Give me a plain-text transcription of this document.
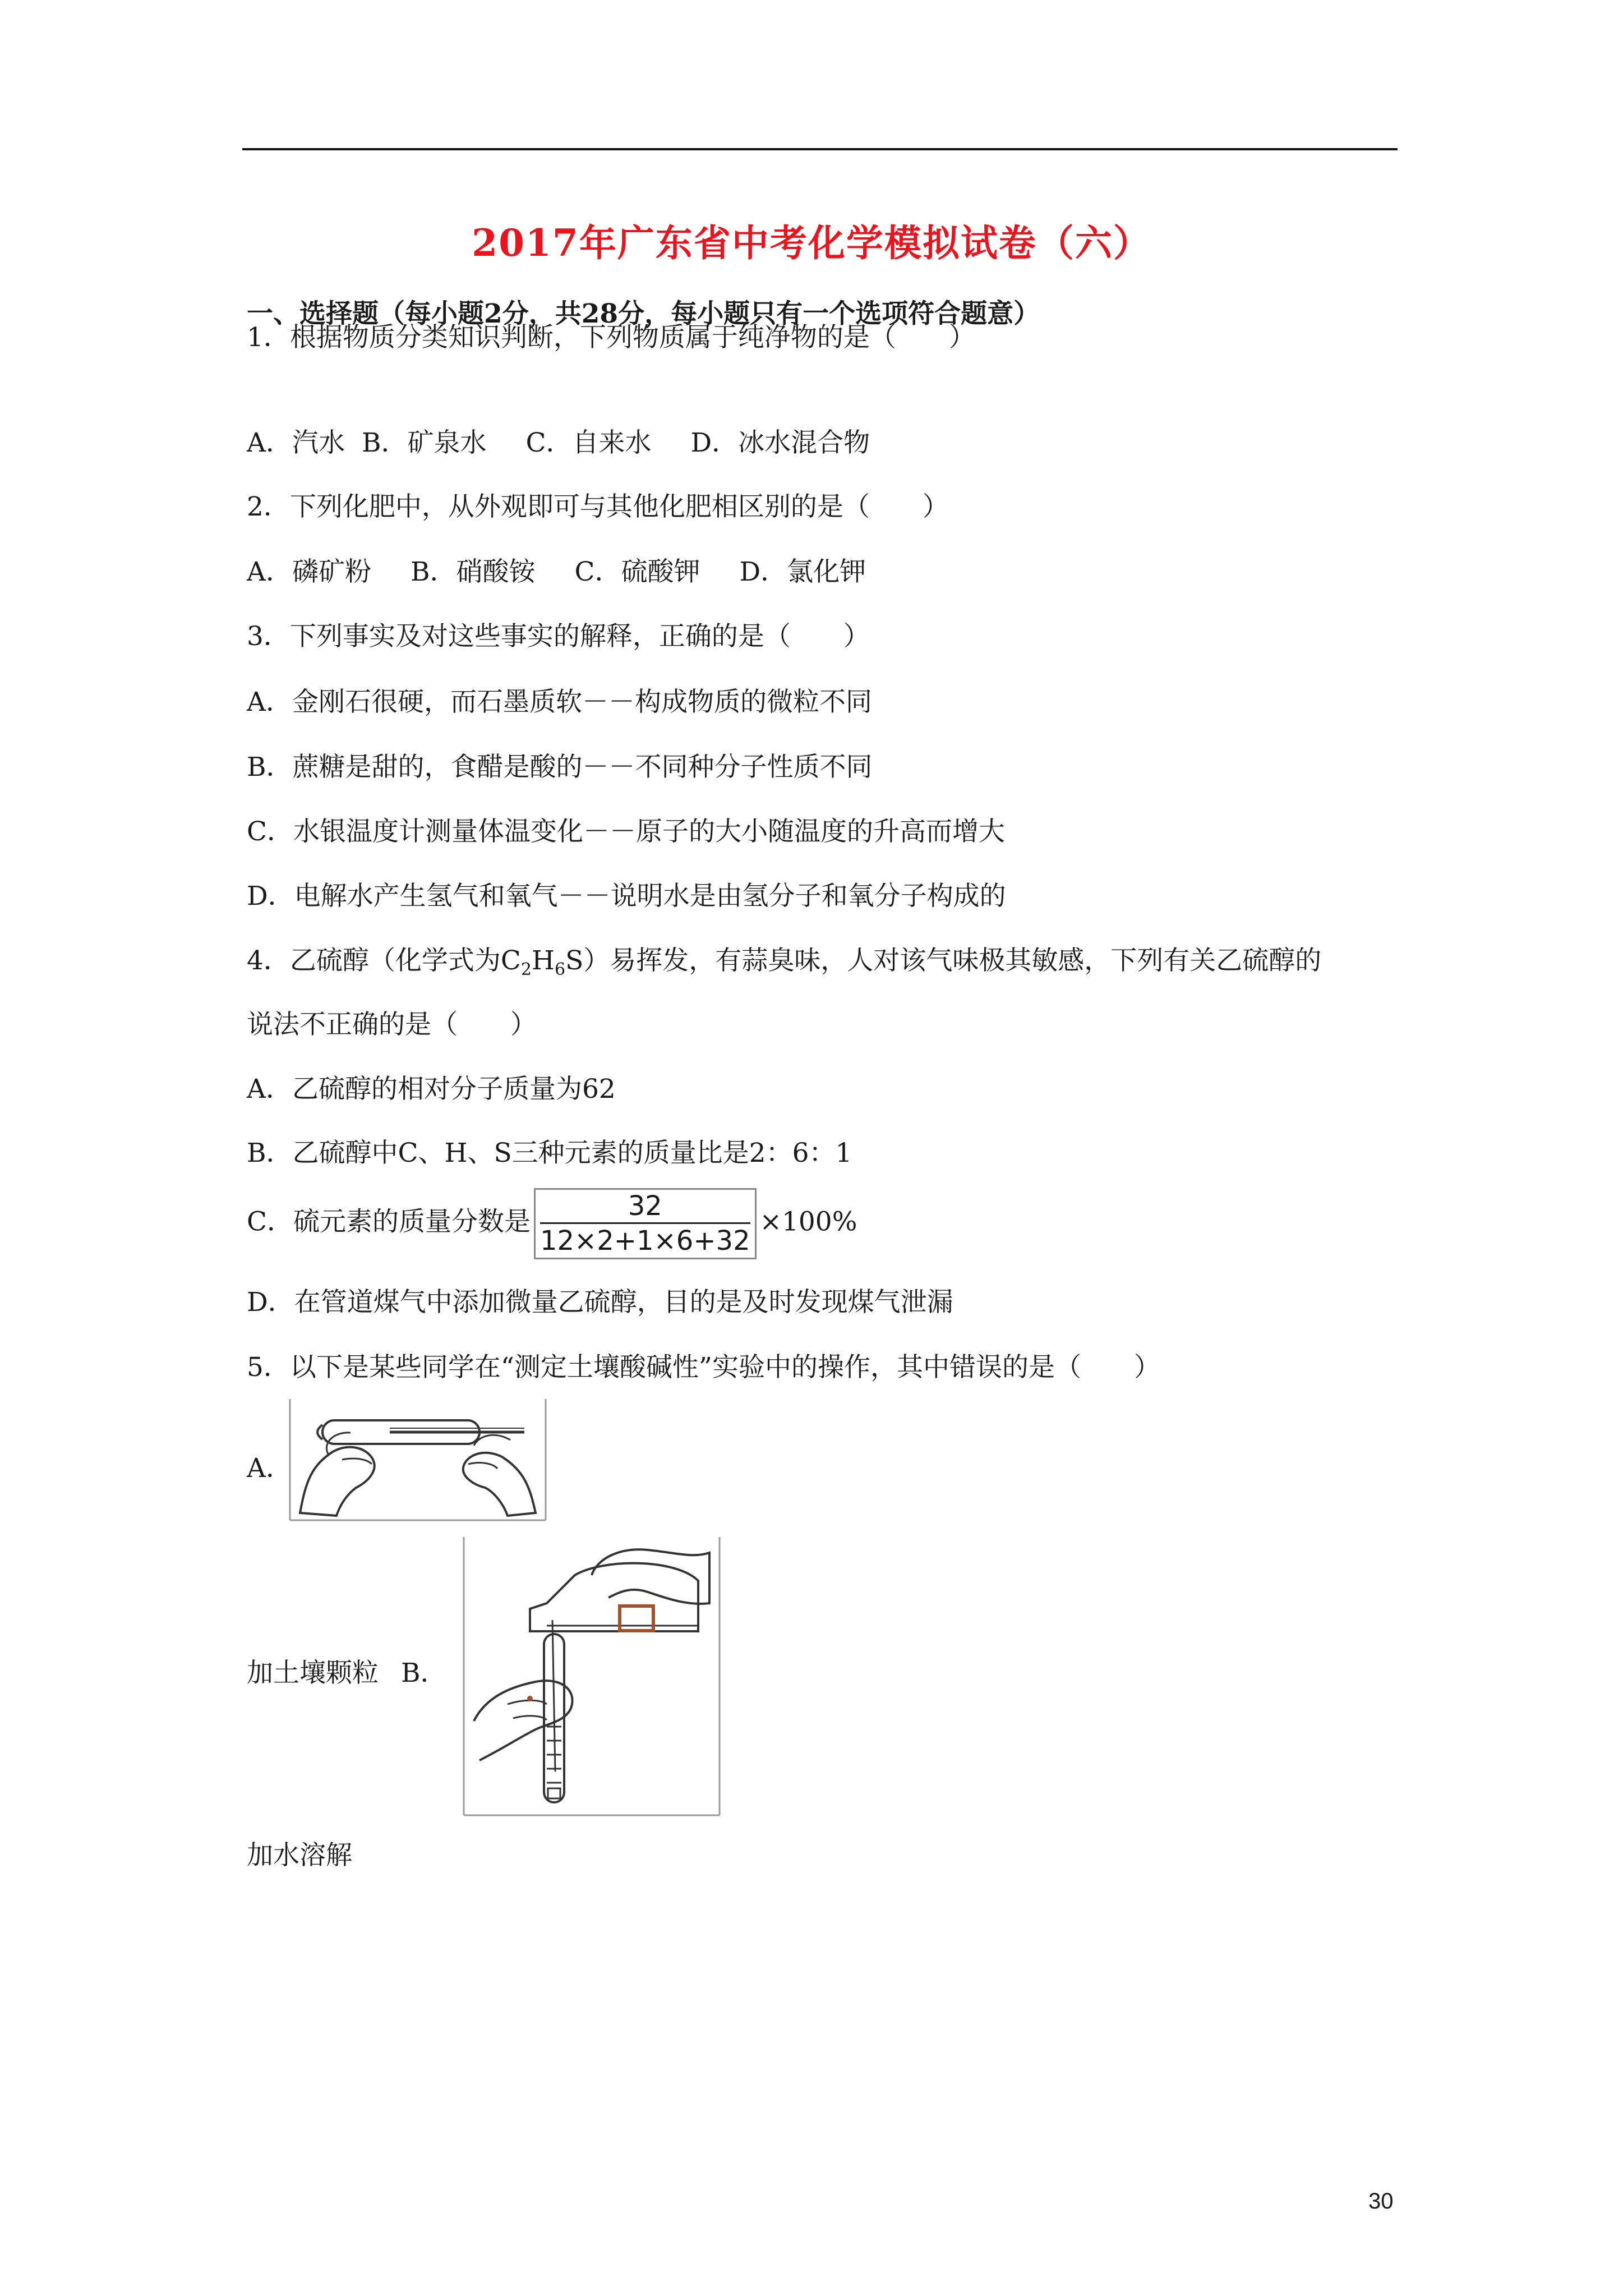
2017年广东省中考化学模拟试卷（六）
一、选择题（每小题2分，共28分，每小题只有一个选项符合题意）
1．根据物质分类知识判断，下列物质属于纯净物的是（　　）
A．汽水 B．矿泉水 C．自来水 D．冰水混合物
2．下列化肥中，从外观即可与其他化肥相区别的是（　　）
A．磷矿粉 B．硝酸铵 C．硫酸钾 D．氯化钾
3．下列事实及对这些事实的解释，正确的是（　　）
A．金刚石很硬，而石墨质软－－构成物质的微粒不同
B．蔗糖是甜的，食醋是酸的－－不同种分子性质不同
C．水银温度计测量体温变化－－原子的大小随温度的升高而增大
D．电解水产生氢气和氧气－－说明水是由氢分子和氧分子构成的
4．乙硫醇（化学式为$C_2H_6S$）易挥发，有蒜臭味，人对该气味极其敏感，下列有关乙硫醇的
说法不正确的是（　　）
A．乙硫醇的相对分子质量为62
B．乙硫醇中C、H、S三种元素的质量比是2：6：1
C．硫元素的质量分数是 $\frac{32}{12\times 2+1\times 6+32} \times 100\%$
D．在管道煤气中添加微量乙硫醇，目的是及时发现煤气泄漏
5．以下是某些同学在“测定土壤酸碱性”实验中的操作，其中错误的是（　　）
A．
加土壤颗粒 B．
加水溶解
30
